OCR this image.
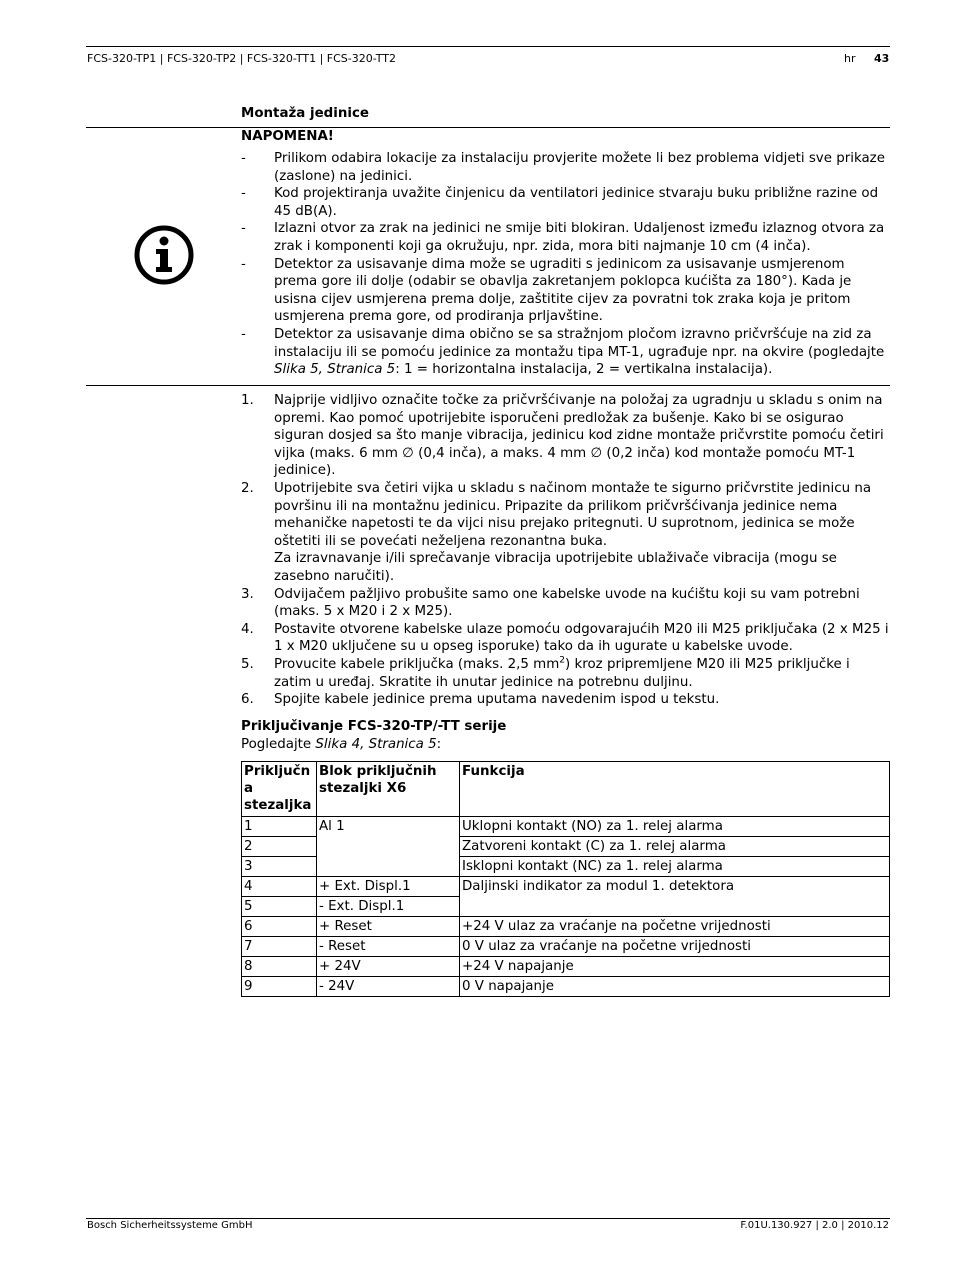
FCS-320-TP1 | FCS-320-TP2 | FCS-320-TT1 | FCS-320-TT2	hr 43
Montaža jedinice
NAPOMENA!
- Prilikom odabira lokacije za instalaciju provjerite možete li bez problema vidjeti sve prikaze (zaslone) na jedinici.
- Kod projektiranja uvažite činjenicu da ventilatori jedinice stvaraju buku približne razine od 45 dB(A).
- Izlazni otvor za zrak na jedinici ne smije biti blokiran. Udaljenost između izlaznog otvora za zrak i komponenti koji ga okružuju, npr. zida, mora biti najmanje 10 cm (4 inča).
- Detektor za usisavanje dima može se ugraditi s jedinicom za usisavanje usmjerenom prema gore ili dolje (odabir se obavlja zakretanjem poklopca kućišta za 180°). Kada je usisna cijev usmjerena prema dolje, zaštitite cijev za povratni tok zraka koja je pritom usmjerena prema gore, od prodiranja prljavštine.
- Detektor za usisavanje dima obično se sa stražnjom pločom izravno pričvršćuje na zid za instalaciju ili se pomoću jedinice za montažu tipa MT-1, ugrađuje npr. na okvire (pogledajte Slika 5, Stranica 5: 1 = horizontalna instalacija, 2 = vertikalna instalacija).
1. Najprije vidljivo označite točke za pričvršćivanje na položaj za ugradnju u skladu s onim na opremi. Kao pomoć upotrijebite isporučeni predložak za bušenje. Kako bi se osigurao siguran dosjed sa što manje vibracija, jedinicu kod zidne montaže pričvrstite pomoću četiri vijka (maks. 6 mm ∅ (0,4 inča), a maks. 4 mm ∅ (0,2 inča) kod montaže pomoću MT-1 jedinice).
2. Upotrijebite sva četiri vijka u skladu s načinom montaže te sigurno pričvrstite jedinicu na površinu ili na montažnu jedinicu. Pripazite da prilikom pričvršćivanja jedinice nema mehaničke napetosti te da vijci nisu prejako pritegnuti. U suprotnom, jedinica se može oštetiti ili se povećati neželjena rezonantna buka.
Za izravnavanje i/ili sprečavanje vibracija upotrijebite ublaživače vibracija (mogu se zasebno naručiti).
3. Odvijačem pažljivo probušite samo one kabelske uvode na kućištu koji su vam potrebni (maks. 5 x M20 i 2 x M25).
4. Postavite otvorene kabelske ulaze pomoću odgovarajućih M20 ili M25 priključaka (2 x M25 i 1 x M20 uključene su u opseg isporuke) tako da ih ugurate u kabelske uvode.
5. Provucite kabele priključka (maks. 2,5 $mm^2$) kroz pripremljene M20 ili M25 priključke i zatim u uređaj. Skratite ih unutar jedinice na potrebnu duljinu.
6. Spojite kabele jedinice prema uputama navedenim ispod u tekstu.
Priključivanje FCS-320-TP/-TT serije
Pogledajte Slika 4, Stranica 5:
Priključn a stezaljka	Blok priključnih stezaljki X6	Funkcija
1	Al 1	Uklopni kontakt (NO) za 1. relej alarma
2		Zatvoreni kontakt (C) za 1. relej alarma
3		Isklopni kontakt (NC) za 1. relej alarma
4	+ Ext. Displ.1	Daljinski indikator za modul 1. detektora
5	- Ext. Displ.1	
6	+ Reset	+24 V ulaz za vraćanje na početne vrijednosti
7	- Reset	0 V ulaz za vraćanje na početne vrijednosti
8	+ 24V	+24 V napajanje
9	- 24V	0 V napajanje
Bosch Sicherheitssysteme GmbH	F.01U.130.927 | 2.0 | 2010.12
